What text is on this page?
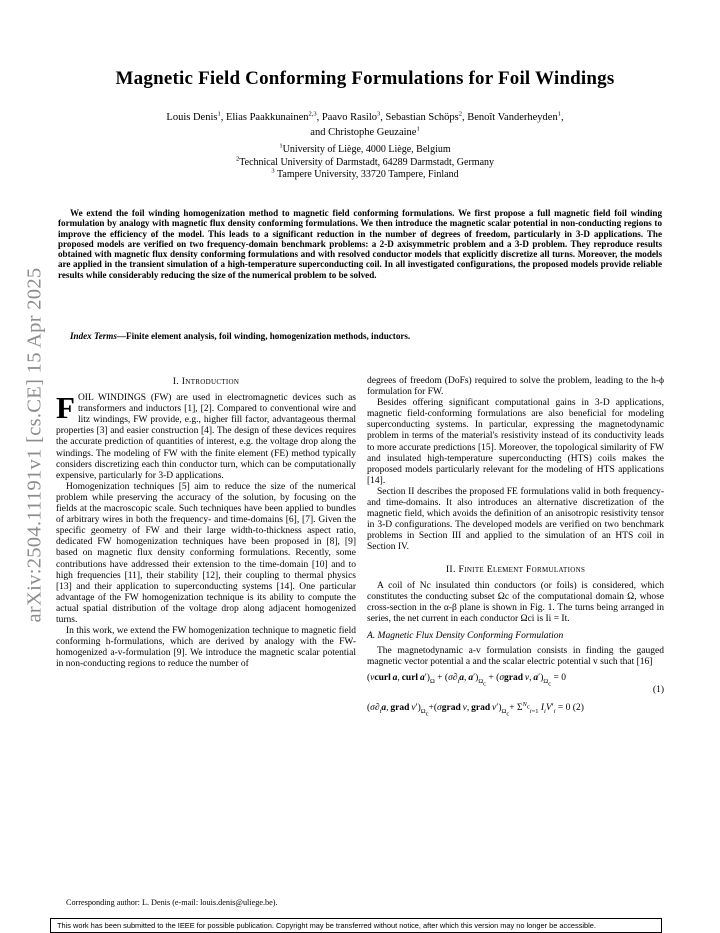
arXiv:2504.11191v1 [cs.CE] 15 Apr 2025
Magnetic Field Conforming Formulations for Foil Windings
Louis Denis$^1$, Elias Paakkunainen$^{2,3}$, Paavo Rasilo$^3$, Sebastian Schöps$^2$, Benoît Vanderheyden$^1$,
and Christophe Geuzaine$^1$
$^1$University of Liège, 4000 Liège, Belgium
$^2$Technical University of Darmstadt, 64289 Darmstadt, Germany
$^3$ Tampere University, 33720 Tampere, Finland
We extend the foil winding homogenization method to magnetic field conforming formulations. We first propose a full magnetic field foil winding formulation by analogy with magnetic flux density conforming formulations. We then introduce the magnetic scalar potential in non-conducting regions to improve the efficiency of the model. This leads to a significant reduction in the number of degrees of freedom, particularly in 3-D applications. The proposed models are verified on two frequency-domain benchmark problems: a 2-D axisymmetric problem and a 3-D problem. They reproduce results obtained with magnetic flux density conforming formulations and with resolved conductor models that explicitly discretize all turns. Moreover, the models are applied in the transient simulation of a high-temperature superconducting coil. In all investigated configurations, the proposed models provide reliable results while considerably reducing the size of the numerical problem to be solved.
Index Terms—Finite element analysis, foil winding, homogenization methods, inductors.
I. Introduction

FOIL WINDINGS (FW) are used in electromagnetic devices such as transformers and inductors [1], [2]. Compared to conventional wire and litz windings, FW provide, e.g., higher fill factor, advantageous thermal properties [3] and easier construction [4]. The design of these devices requires the accurate prediction of quantities of interest, e.g. the voltage drop along the windings. The modeling of FW with the finite element (FE) method typically considers discretizing each thin conductor turn, which can be computationally expensive, particularly for 3-D applications.

Homogenization techniques [5] aim to reduce the size of the numerical problem while preserving the accuracy of the solution, by focusing on the fields at the macroscopic scale. Such techniques have been applied to bundles of arbitrary wires in both the frequency- and time-domains [6], [7]. Given the specific geometry of FW and their large width-to-thickness aspect ratio, dedicated FW homogenization techniques have been proposed in [8], [9] based on magnetic flux density conforming formulations. Recently, some contributions have addressed their extension to the time-domain [10] and to high frequencies [11], their stability [12], their coupling to thermal physics [13] and their application to superconducting systems [14]. One particular advantage of the FW homogenization technique is its ability to compute the actual spatial distribution of the voltage drop along adjacent homogenized turns.

In this work, we extend the FW homogenization technique to magnetic field conforming h-formulations, which are derived by analogy with the FW-homogenized a-v-formulation [9]. We introduce the magnetic scalar potential in non-conducting regions to reduce the number of

degrees of freedom (DoFs) required to solve the problem, leading to the h-ϕ formulation for FW.

Besides offering significant computational gains in 3-D applications, magnetic field-conforming formulations are also beneficial for modeling superconducting systems. In particular, expressing the magnetodynamic problem in terms of the material's resistivity instead of its conductivity leads to more accurate predictions [15]. Moreover, the topological similarity of FW and insulated high-temperature superconducting (HTS) coils makes the proposed models particularly relevant for the modeling of HTS applications [14].

Section II describes the proposed FE formulations valid in both frequency- and time-domains. It also introduces an alternative discretization of the magnetic field, which avoids the definition of an anisotropic resistivity tensor in 3-D configurations. The developed models are verified on two benchmark problems in Section III and applied to the simulation of an HTS coil in Section IV.

II. Finite Element Formulations

A coil of Nc insulated thin conductors (or foils) is considered, which constitutes the conducting subset Ωc of the computational domain Ω, whose cross-section in the α-β plane is shown in Fig. 1. The turns being arranged in series, the net current in each conductor Ωci is Ii = It.

A. Magnetic Flux Density Conforming Formulation

The magnetodynamic a-v formulation consists in finding the gauged magnetic vector potential a and the scalar electric potential v such that [16]

(νcurl  a, curl  $a')_\Omega + (\sigma\partial_ta$, $a')_{\Omega_c}$ + (σgrad  v, $a')_{\Omega_c} = 0$

(1)

($\sigma\partial_ta$, grad  $v')_{\Omega_c}+(\sigma grad$  v, grad  $v')_{\Omega_c}+ \Sigma^{N_c}_{i=1}$ $I_iV'_i = 0$ (2)

Corresponding author: L. Denis (e-mail: louis.denis@uliege.be).
This work has been submitted to the IEEE for possible publication. Copyright may be transferred without notice, after which this version may no longer be accessible.
